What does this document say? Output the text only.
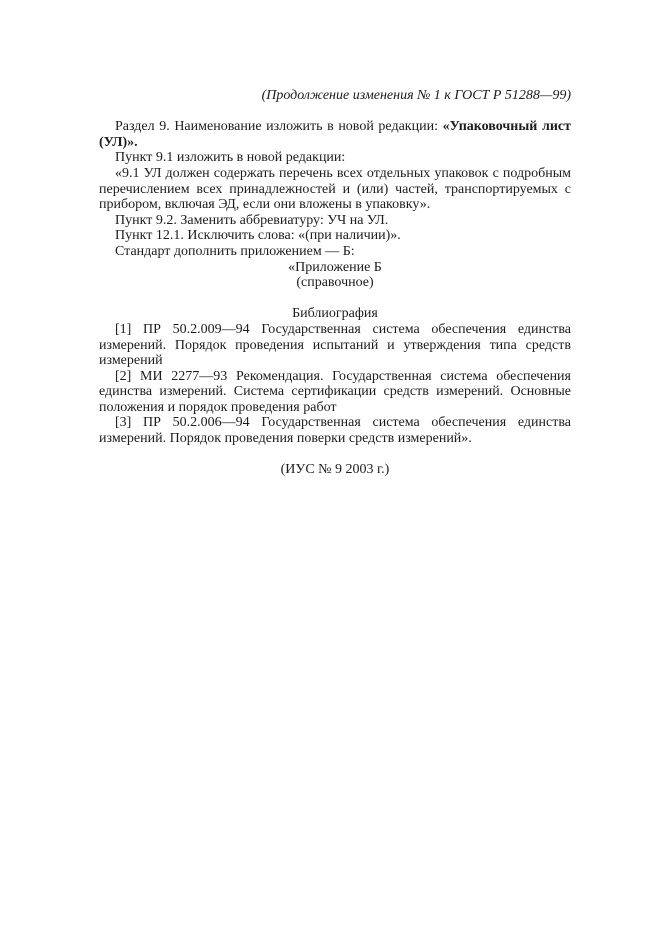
(Продолжение изменения № 1 к ГОСТ Р 51288—99)

Раздел 9. Наименование изложить в новой редакции: «Упаковочный лист (УЛ)».

Пункт 9.1 изложить в новой редакции:

«9.1 УЛ должен содержать перечень всех отдельных упаковок с подробным перечислением всех принадлежностей и (или) частей, транспортируемых с прибором, включая ЭД, если они вложены в упаковку».

Пункт 9.2. Заменить аббревиатуру: УЧ на УЛ.

Пункт 12.1. Исключить слова: «(при наличии)».

Стандарт дополнить приложением — Б:

«Приложение Б

(справочное)

Библиография

[1] ПР 50.2.009—94 Государственная система обеспечения единства измерений. Порядок проведения испытаний и утверждения типа средств измерений

[2] МИ 2277—93 Рекомендация. Государственная система обеспечения единства измерений. Система сертификации средств измерений. Основные положения и порядок проведения работ

[3] ПР 50.2.006—94 Государственная система обеспечения единства измерений. Порядок проведения поверки средств измерений».

(ИУС № 9 2003 г.)
